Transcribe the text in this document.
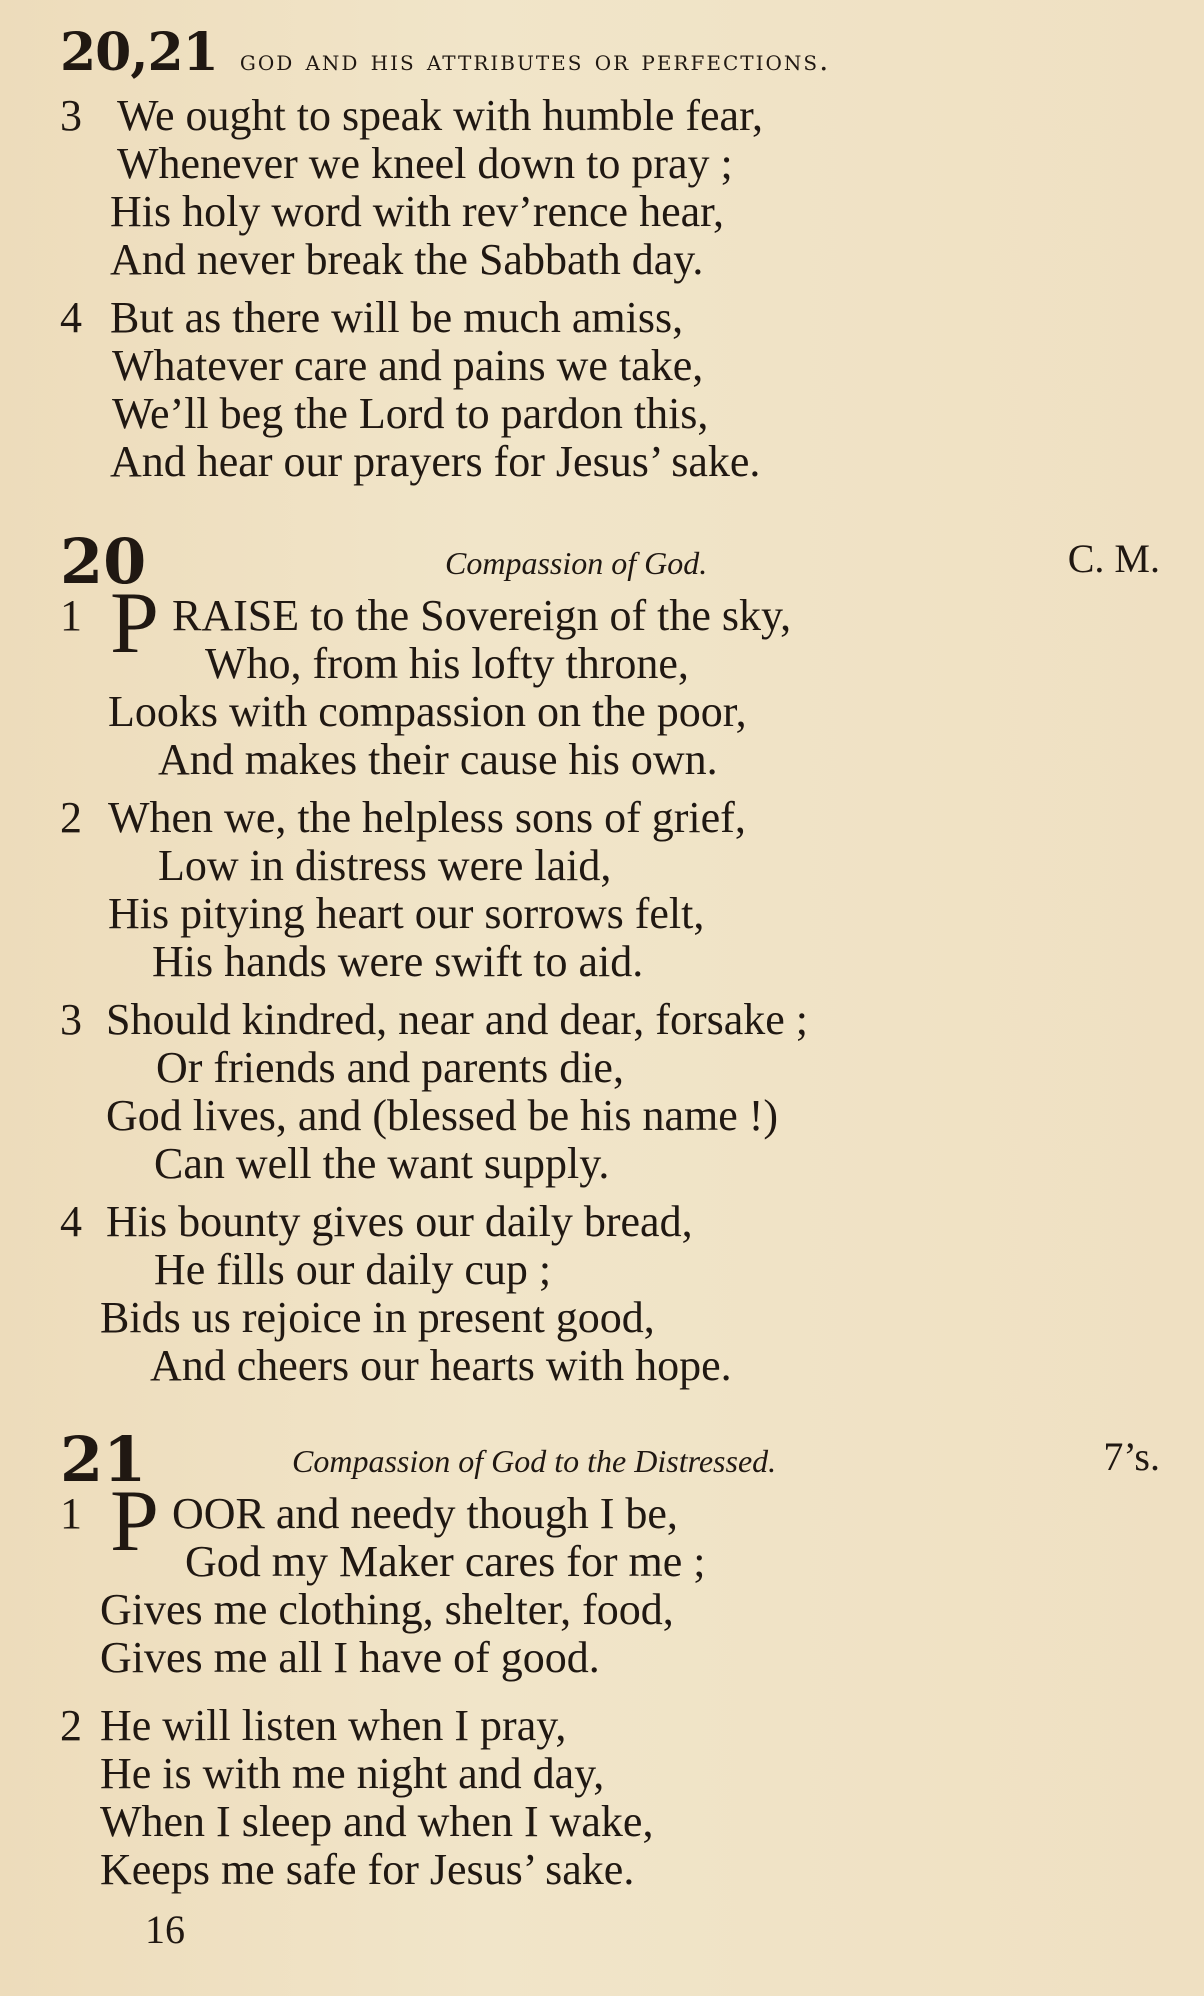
20,21 god and his attributes or perfections.
3 We ought to speak with humble fear,
Whenever we kneel down to pray ;
His holy word with rev’rence hear,
And never break the Sabbath day.
4 But as there will be much amiss,
Whatever care and pains we take,
We’ll beg the Lord to pardon this,
And hear our prayers for Jesus’ sake.
20	Compassion of God.	C. M.
1 P RAISE to the Sovereign of the sky,
Who, from his lofty throne,
Looks with compassion on the poor,
And makes their cause his own.
2 When we, the helpless sons of grief,
Low in distress were laid,
His pitying heart our sorrows felt,
His hands were swift to aid.
3 Should kindred, near and dear, forsake ;
Or friends and parents die,
God lives, and (blessed be his name !)
Can well the want supply.
4 His bounty gives our daily bread,
He fills our daily cup ;
Bids us rejoice in present good,
And cheers our hearts with hope.
21	Compassion of God to the Distressed.	7’s.
1 P OOR and needy though I be,
God my Maker cares for me ;
Gives me clothing, shelter, food,
Gives me all I have of good.
2 He will listen when I pray,
He is with me night and day,
When I sleep and when I wake,
Keeps me safe for Jesus’ sake.
16
